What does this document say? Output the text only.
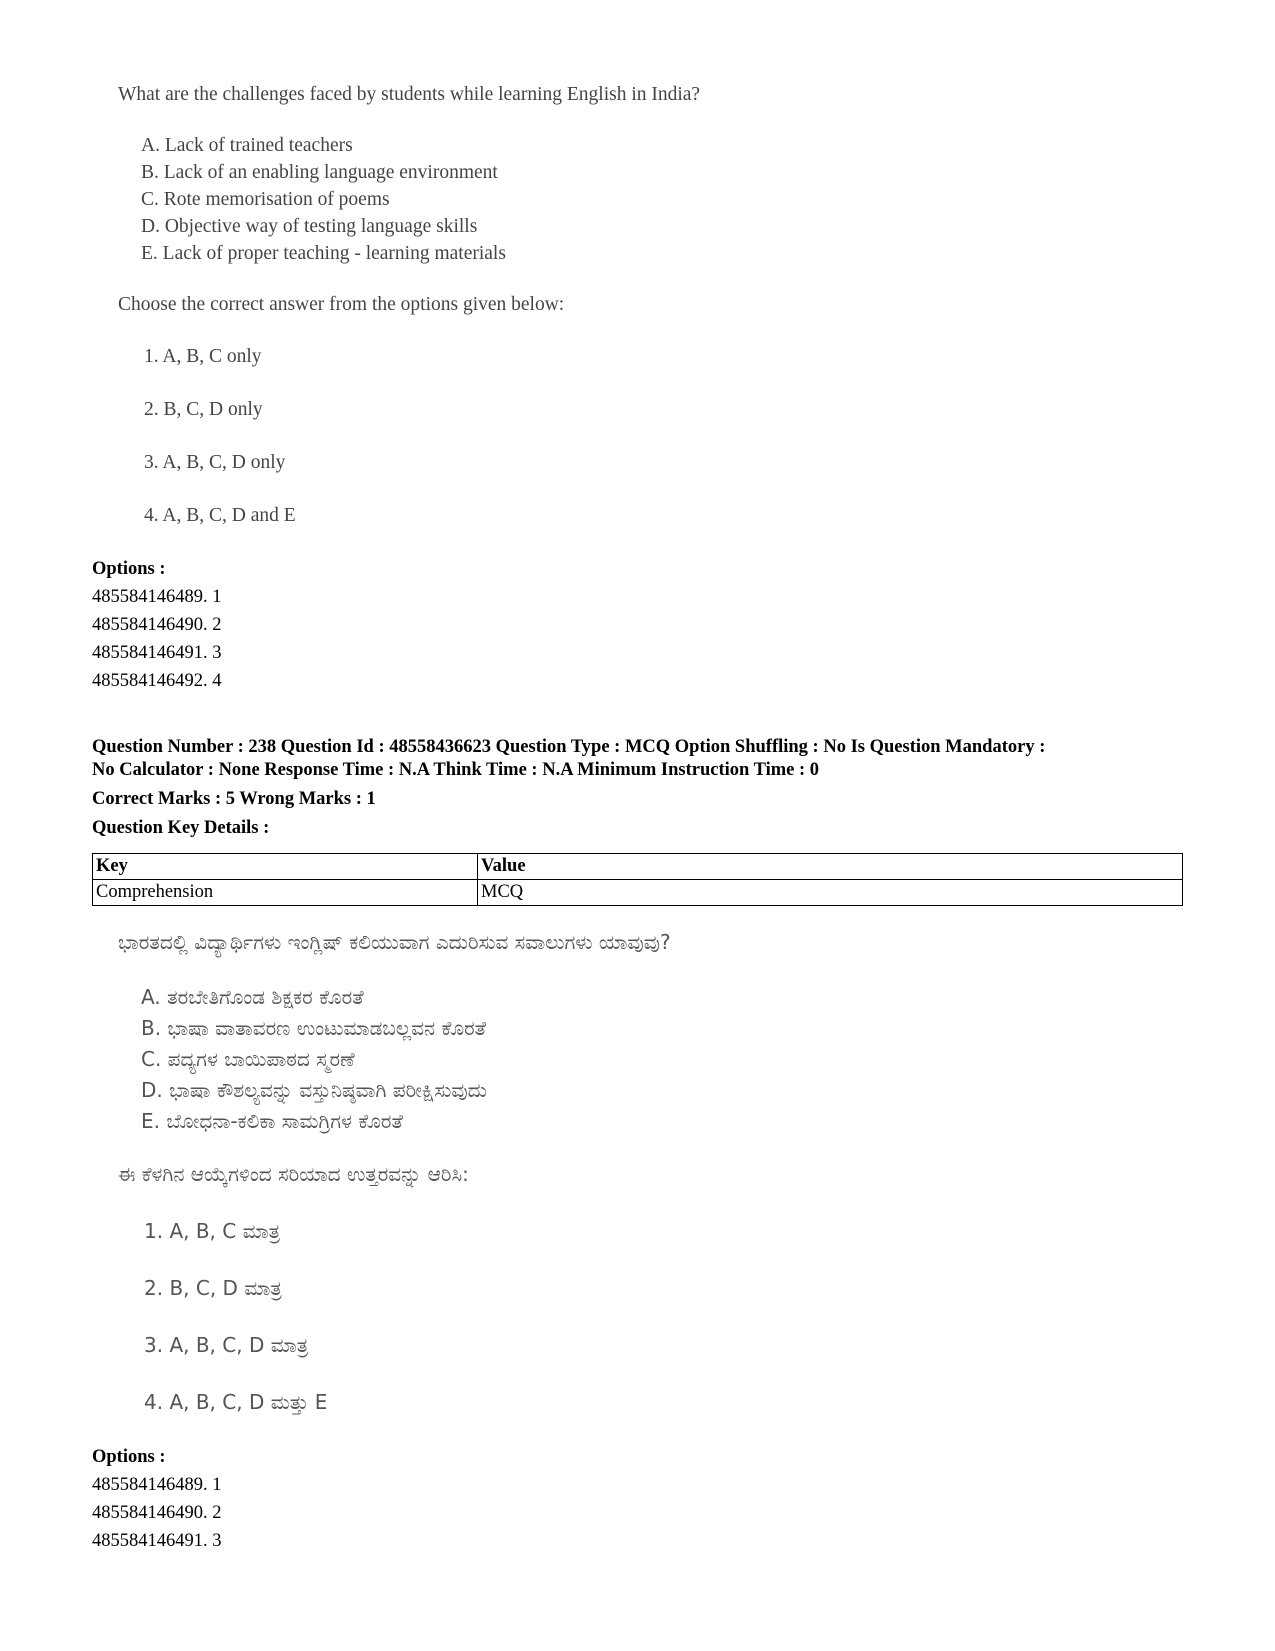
What are the challenges faced by students while learning English in India?
A. Lack of trained teachers
B. Lack of an enabling language environment
C. Rote memorisation of poems
D. Objective way of testing language skills
E. Lack of proper teaching - learning materials
Choose the correct answer from the options given below:
1. A, B, C only
2. B, C, D only
3. A, B, C, D only
4. A, B, C, D and E
Options :
485584146489. 1
485584146490. 2
485584146491. 3
485584146492. 4
Question Number : 238 Question Id : 48558436623 Question Type : MCQ Option Shuffling : No Is Question Mandatory :
No Calculator : None Response Time : N.A Think Time : N.A Minimum Instruction Time : 0
Correct Marks : 5 Wrong Marks : 1
Question Key Details :
Key	Value
Comprehension	MCQ
ಭಾರತದಲ್ಲಿ ವಿದ್ಯಾರ್ಥಿಗಳು ಇಂಗ್ಲಿಷ್ ಕಲಿಯುವಾಗ ಎದುರಿಸುವ ಸವಾಲುಗಳು ಯಾವುವು?
A. ತರಬೇತಿಗೊಂಡ ಶಿಕ್ಷಕರ ಕೊರತೆ
B. ಭಾಷಾ ವಾತಾವರಣ ಉಂಟುಮಾಡಬಲ್ಲವನ ಕೊರತೆ
C. ಪದ್ಯಗಳ ಬಾಯಿಪಾಠದ ಸ್ಮರಣೆ
D. ಭಾಷಾ ಕೌಶಲ್ಯವನ್ನು ವಸ್ತುನಿಷ್ಠವಾಗಿ ಪರೀಕ್ಷಿಸುವುದು
E. ಬೋಧನಾ-ಕಲಿಕಾ ಸಾಮಗ್ರಿಗಳ ಕೊರತೆ
ಈ ಕೆಳಗಿನ ಆಯ್ಕೆಗಳಿಂದ ಸರಿಯಾದ ಉತ್ತರವನ್ನು ಆರಿಸಿ:
1. A, B, C ಮಾತ್ರ
2. B, C, D ಮಾತ್ರ
3. A, B, C, D ಮಾತ್ರ
4. A, B, C, D ಮತ್ತು E
Options :
485584146489. 1
485584146490. 2
485584146491. 3
